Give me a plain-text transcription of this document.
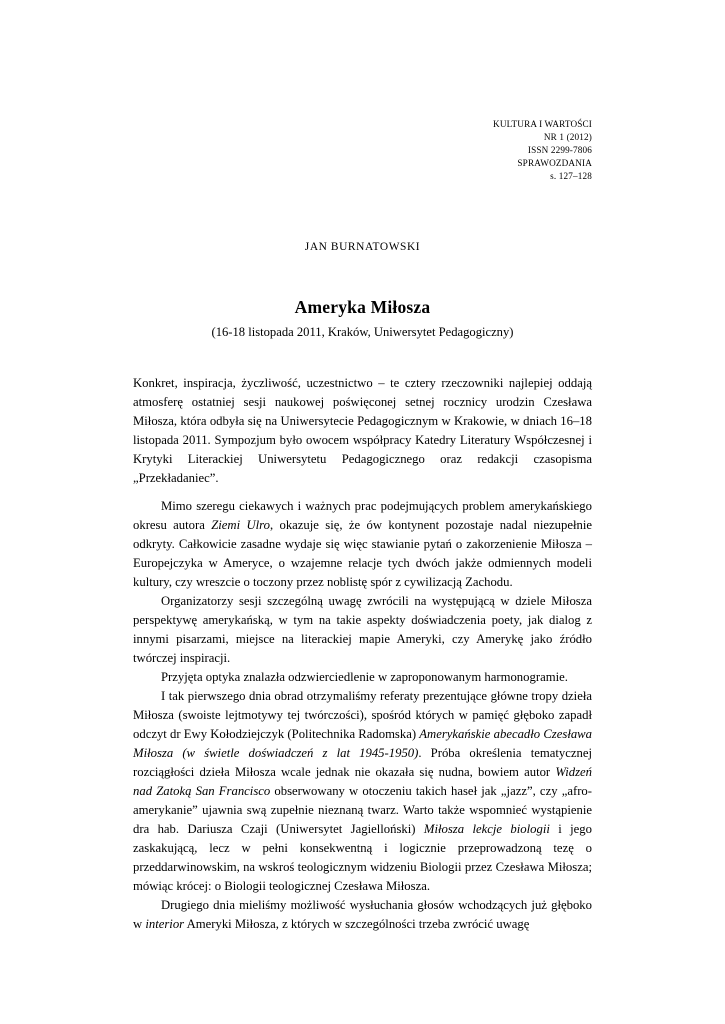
KULTURA I WARTOŚCI
NR 1 (2012)
ISSN 2299-7806
SPRAWOZDANIA
s. 127–128
JAN BURNATOWSKI
Ameryka Miłosza
(16-18 listopada 2011, Kraków, Uniwersytet Pedagogiczny)

Konkret, inspiracja, życzliwość, uczestnictwo – te cztery rzeczowniki najlepiej oddają atmosferę ostatniej sesji naukowej poświęconej setnej rocznicy urodzin Czesława Miłosza, która odbyła się na Uniwersytecie Pedagogicznym w Krakowie, w dniach 16–18 listopada 2011. Sympozjum było owocem współpracy Katedry Literatury Współczesnej i Krytyki Literackiej Uniwersytetu Pedagogicznego oraz redakcji czasopisma „Przekładaniec”.

Mimo szeregu ciekawych i ważnych prac podejmujących problem amerykańskiego okresu autora Ziemi Ulro, okazuje się, że ów kontynent pozostaje nadal niezupełnie odkryty. Całkowicie zasadne wydaje się więc stawianie pytań o zakorzenienie Miłosza – Europejczyka w Ameryce, o wzajemne relacje tych dwóch jakże odmiennych modeli kultury, czy wreszcie o toczony przez noblistę spór z cywilizacją Zachodu.

Organizatorzy sesji szczególną uwagę zwrócili na występującą w dziele Miłosza perspektywę amerykańską, w tym na takie aspekty doświadczenia poety, jak dialog z innymi pisarzami, miejsce na literackiej mapie Ameryki, czy Amerykę jako źródło twórczej inspiracji.

Przyjęta optyka znalazła odzwierciedlenie w zaproponowanym harmonogramie.

I tak pierwszego dnia obrad otrzymaliśmy referaty prezentujące główne tropy dzieła Miłosza (swoiste lejtmotywy tej twórczości), spośród których w pamięć głęboko zapadł odczyt dr Ewy Kołodziejczyk (Politechnika Radomska) Amerykańskie abecadło Czesława Miłosza (w świetle doświadczeń z lat 1945-1950). Próba określenia tematycznej rozciągłości dzieła Miłosza wcale jednak nie okazała się nudna, bowiem autor Widzeń nad Zatoką San Francisco obserwowany w otoczeniu takich haseł jak „jazz”, czy „afro-amerykanie” ujawnia swą zupełnie nieznaną twarz. Warto także wspomnieć wystąpienie dra hab. Dariusza Czaji (Uniwersytet Jagielloński) Miłosza lekcje biologii i jego zaskakującą, lecz w pełni konsekwentną i logicznie przeprowadzoną tezę o przeddarwinowskim, na wskroś teologicznym widzeniu Biologii przez Czesława Miłosza; mówiąc krócej: o Biologii teologicznej Czesława Miłosza.

Drugiego dnia mieliśmy możliwość wysłuchania głosów wchodzących już głęboko w interior Ameryki Miłosza, z których w szczególności trzeba zwrócić uwagę
